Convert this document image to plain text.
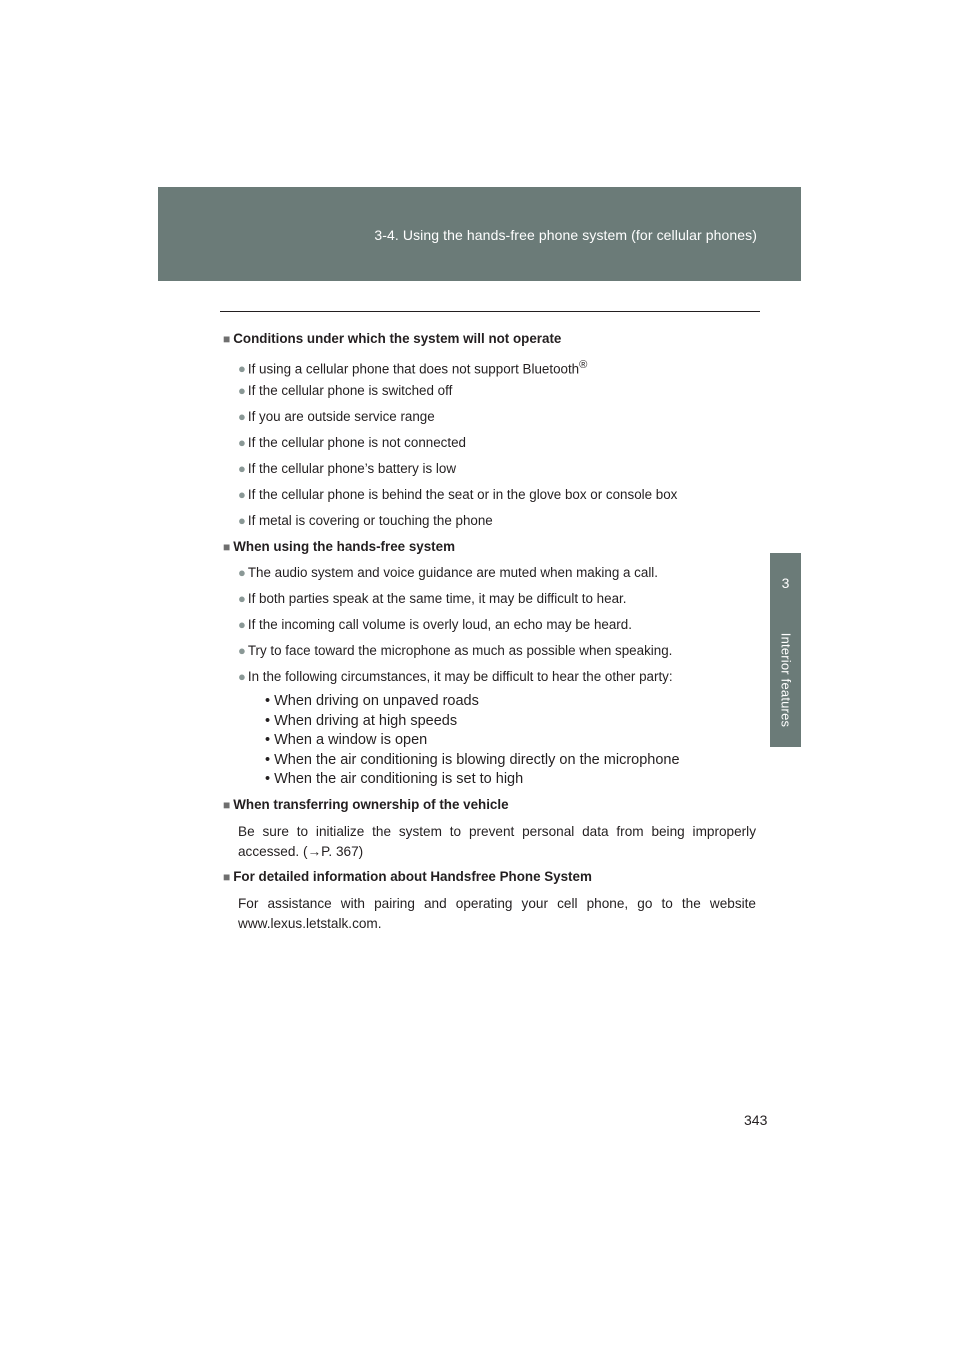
3-4. Using the hands-free phone system (for cellular phones)
3
Interior features
■ Conditions under which the system will not operate
● If using a cellular phone that does not support Bluetooth®
● If the cellular phone is switched off
● If you are outside service range
● If the cellular phone is not connected
● If the cellular phone’s battery is low
● If the cellular phone is behind the seat or in the glove box or console box
● If metal is covering or touching the phone
■ When using the hands-free system
● The audio system and voice guidance are muted when making a call.
● If both parties speak at the same time, it may be difficult to hear.
● If the incoming call volume is overly loud, an echo may be heard.
● Try to face toward the microphone as much as possible when speaking.
● In the following circumstances, it may be difficult to hear the other party:
• When driving on unpaved roads
• When driving at high speeds
• When a window is open
• When the air conditioning is blowing directly on the microphone
• When the air conditioning is set to high
■ When transferring ownership of the vehicle
Be sure to initialize the system to prevent personal data from being improperly accessed. (→P. 367)
■ For detailed information about Handsfree Phone System
For assistance with pairing and operating your cell phone, go to the website www.lexus.letstalk.com.
343
